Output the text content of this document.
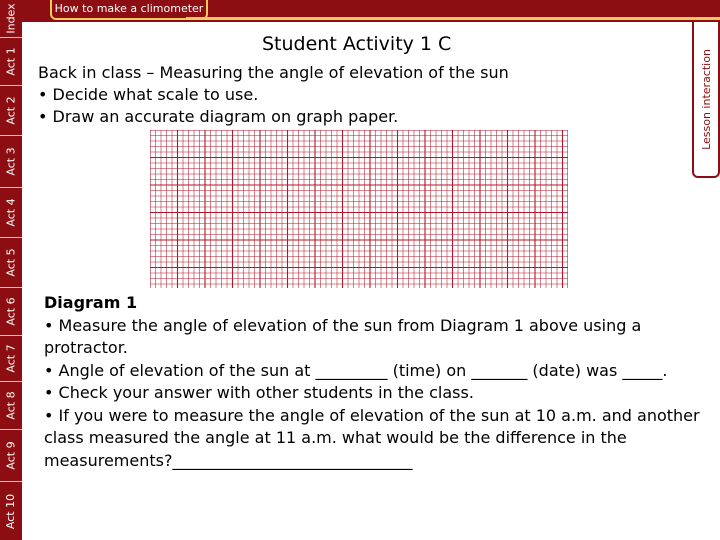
Index
Act 1
Act 2
Act 3
Act 4
Act 5
Act 6
Act 7
Act 8
Act 9
Act 10
How to make a climometer
Lesson interaction
Student Activity 1 C
Back in class – Measuring the angle of elevation of the sun
• Decide what scale to use.
• Draw an accurate diagram on graph paper.
Diagram 1
• Measure the angle of elevation of the sun from Diagram 1 above using a protractor.
• Angle of elevation of the sun at _________ (time) on _______ (date) was _____.
• Check your answer with other students in the class.
• If you were to measure the angle of elevation of the sun at 10 a.m. and another class measured the angle at 11 a.m. what would be the difference in the measurements?______________________________
